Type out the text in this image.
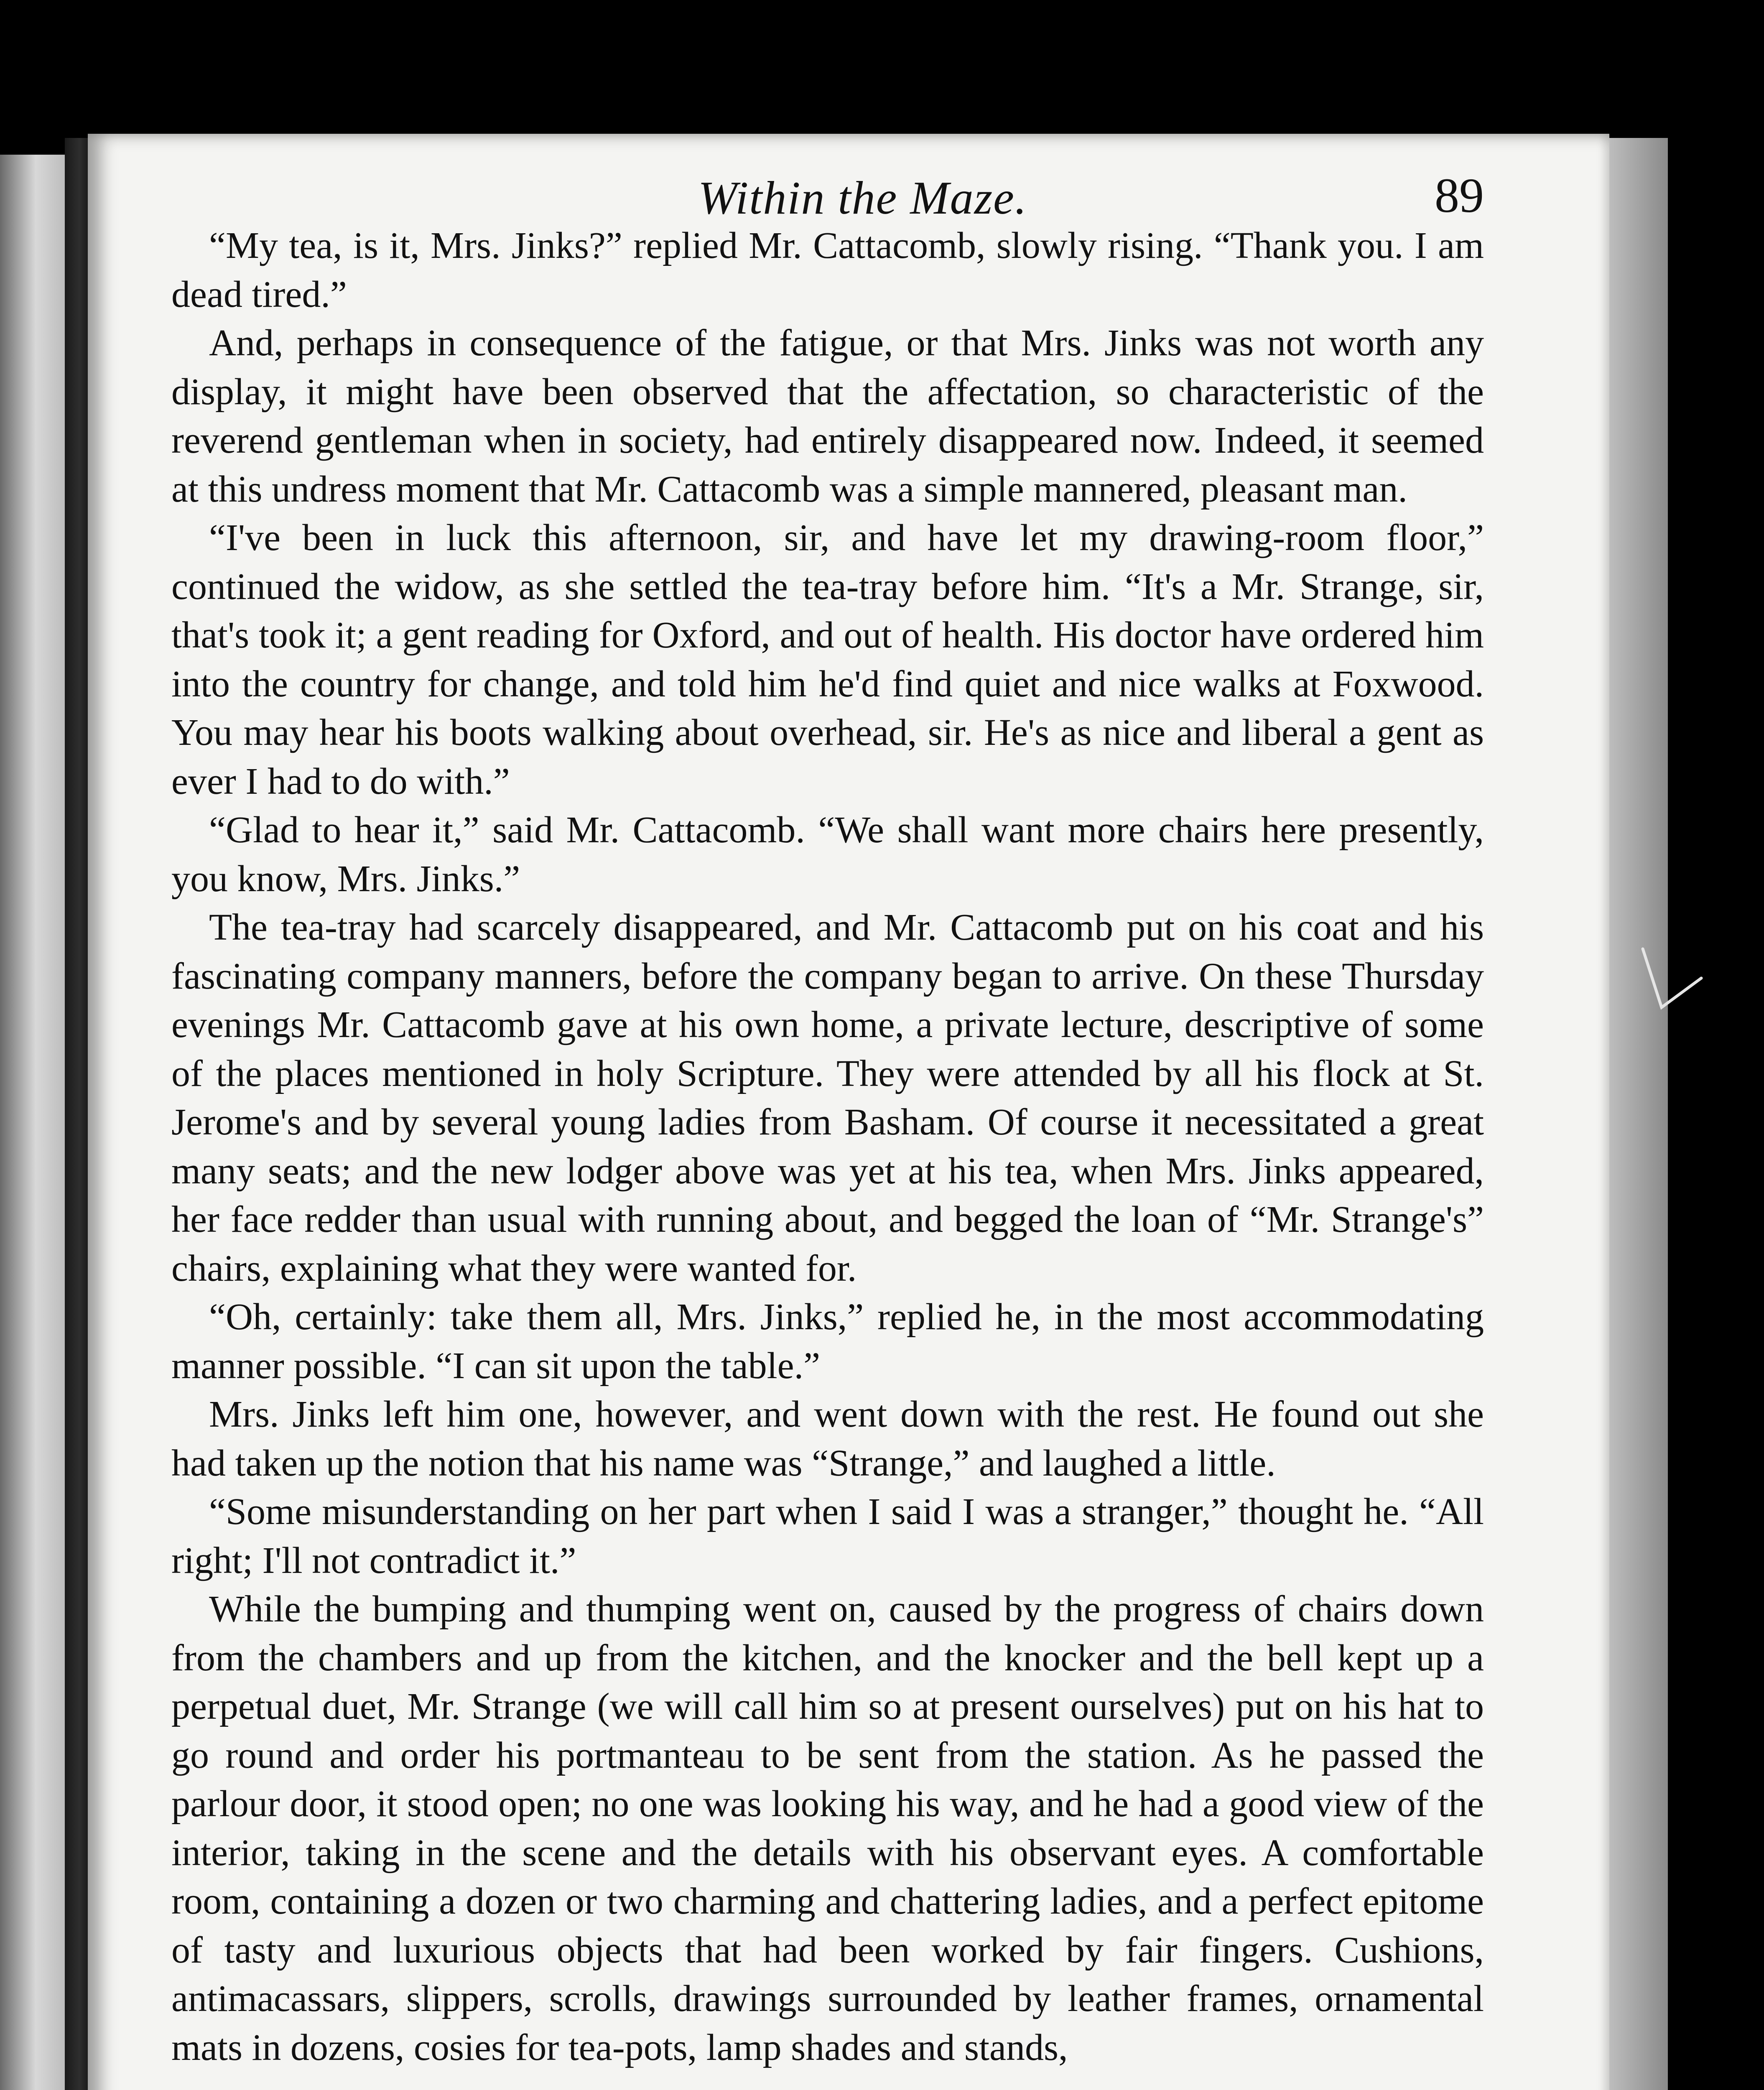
Within the Maze.	89

“My tea, is it, Mrs. Jinks?” replied Mr. Cattacomb, slowly rising. “Thank you. I am dead tired.”

And, perhaps in consequence of the fatigue, or that Mrs. Jinks was not worth any display, it might have been observed that the affectation, so characteristic of the reverend gentleman when in society, had entirely disappeared now. Indeed, it seemed at this undress moment that Mr. Cattacomb was a simple mannered, pleasant man.

“I've been in luck this afternoon, sir, and have let my drawing-room floor,” continued the widow, as she settled the tea-tray before him. “It's a Mr. Strange, sir, that's took it; a gent reading for Oxford, and out of health. His doctor have ordered him into the country for change, and told him he'd find quiet and nice walks at Foxwood. You may hear his boots walking about overhead, sir. He's as nice and liberal a gent as ever I had to do with.”

“Glad to hear it,” said Mr. Cattacomb. “We shall want more chairs here presently, you know, Mrs. Jinks.”

The tea-tray had scarcely disappeared, and Mr. Cattacomb put on his coat and his fascinating company manners, before the company began to arrive. On these Thursday evenings Mr. Cattacomb gave at his own home, a private lecture, descriptive of some of the places mentioned in holy Scripture. They were attended by all his flock at St. Jerome's and by several young ladies from Basham. Of course it necessitated a great many seats; and the new lodger above was yet at his tea, when Mrs. Jinks appeared, her face redder than usual with running about, and begged the loan of “Mr. Strange's” chairs, explaining what they were wanted for.

“Oh, certainly: take them all, Mrs. Jinks,” replied he, in the most accommodating manner possible. “I can sit upon the table.”

Mrs. Jinks left him one, however, and went down with the rest. He found out she had taken up the notion that his name was “Strange,” and laughed a little.

“Some misunderstanding on her part when I said I was a stranger,” thought he. “All right; I'll not contradict it.”

While the bumping and thumping went on, caused by the progress of chairs down from the chambers and up from the kitchen, and the knocker and the bell kept up a perpetual duet, Mr. Strange (we will call him so at present ourselves) put on his hat to go round and order his portmanteau to be sent from the station. As he passed the parlour door, it stood open; no one was looking his way, and he had a good view of the interior, taking in the scene and the details with his observant eyes. A comfortable room, containing a dozen or two charming and chattering ladies, and a perfect epitome of tasty and luxurious objects that had been worked by fair fingers. Cushions, antimacassars, slippers, scrolls, drawings surrounded by leather frames, ornamental mats in dozens, cosies for tea-pots, lamp shades and stands,
